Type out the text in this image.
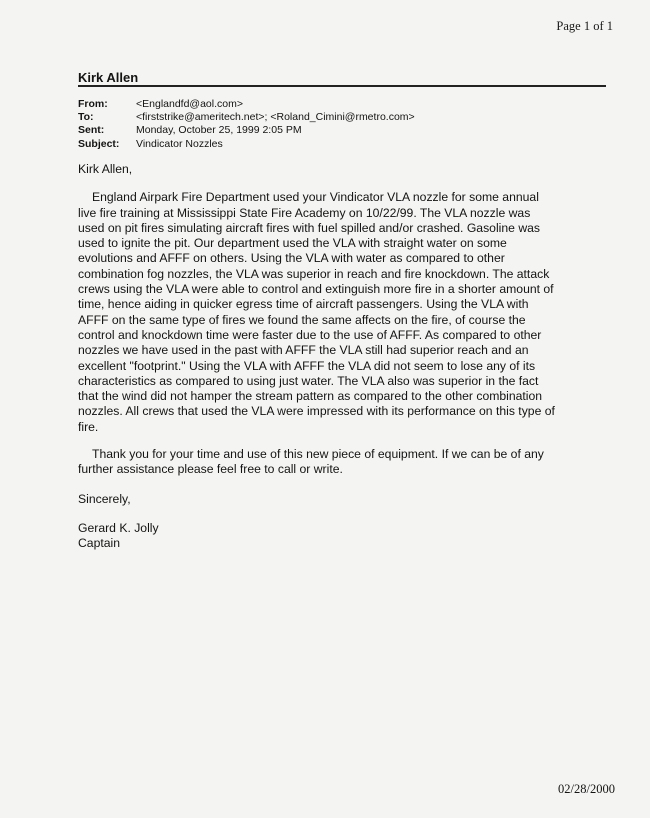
Page 1 of 1
Kirk Allen
From:	<Englandfd@aol.com>
To:	<firststrike@ameritech.net>; <Roland_Cimini@rmetro.com>
Sent:	Monday, October 25, 1999 2:05 PM
Subject:	Vindicator Nozzles

Kirk Allen,

England Airpark Fire Department used your Vindicator VLA nozzle for some annual live fire training at Mississippi State Fire Academy on 10/22/99. The VLA nozzle was used on pit fires simulating aircraft fires with fuel spilled and/or crashed. Gasoline was used to ignite the pit. Our department used the VLA with straight water on some evolutions and AFFF on others. Using the VLA with water as compared to other combination fog nozzles, the VLA was superior in reach and fire knockdown. The attack crews using the VLA were able to control and extinguish more fire in a shorter amount of time, hence aiding in quicker egress time of aircraft passengers. Using the VLA with AFFF on the same type of fires we found the same affects on the fire, of course the control and knockdown time were faster due to the use of AFFF. As compared to other nozzles we have used in the past with AFFF the VLA still had superior reach and an excellent "footprint." Using the VLA with AFFF the VLA did not seem to lose any of its characteristics as compared to using just water. The VLA also was superior in the fact that the wind did not hamper the stream pattern as compared to the other combination nozzles. All crews that used the VLA were impressed with its performance on this type of fire.

Thank you for your time and use of this new piece of equipment. If we can be of any further assistance please feel free to call or write.

Sincerely,

Gerard K. Jolly

Captain

02/28/2000
